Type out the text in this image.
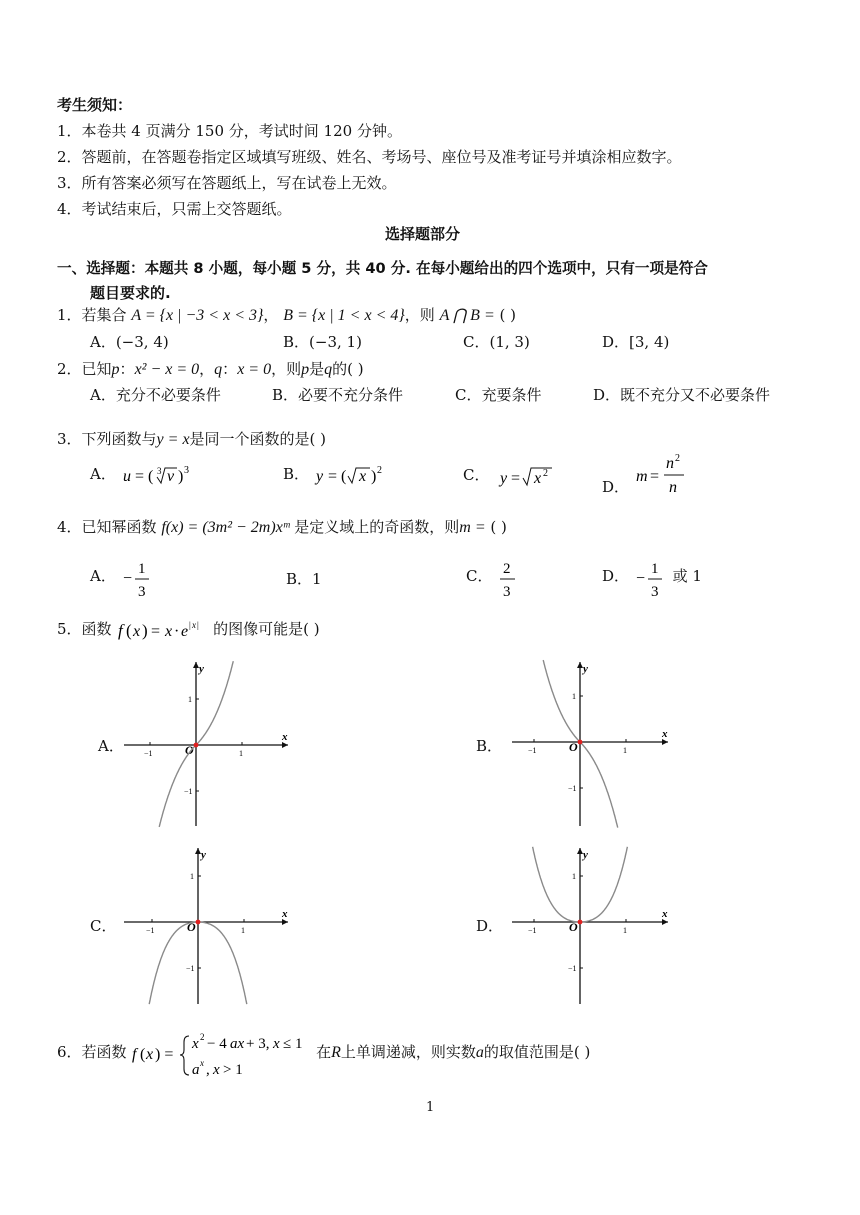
考生须知：
1．本卷共 4 页满分 150 分，考试时间 120 分钟。
2．答题前，在答题卷指定区域填写班级、姓名、考场号、座位号及准考证号并填涂相应数字。
3．所有答案必须写在答题纸上，写在试卷上无效。
4．考试结束后，只需上交答题纸。
选择题部分
一、选择题：本题共 8 小题，每小题 5 分，共 40 分. 在每小题给出的四个选项中，只有一项是符合
题目要求的.
1．若集合 A = {x | −3 < x < 3}， B = {x | 1 < x < 4}，则 A ⋂ B = ( )
A．(−3, 4)	B．(−3, 1)	C．(1, 3)	D．[3, 4)
2．已知p：x² − x = 0，q：x = 0，则p是q的( )
A．充分不必要条件	B．必要不充分条件	C．充要条件	D．既不充分又不必要条件
3．下列函数与y = x是同一个函数的是( )
A． u = ( 3 v ) 3	B． y = ( x ) 2	C． y = x 2
D．
m =
n 2
n
4．已知幂函数 f(x) = (3m² − 2m)xᵐ 是定义域上的奇函数，则m = ( )
A． −
1
3
B．1	C． 2
3
D． −
1
3
或 1
5．函数 f ( x ) = x · e | x | 的图像可能是( )
A．	B．
C．	D．
x
y
O	1
−1
1
−1
x
y
O	1
−1
1
−1
x
y
O	1
−1
1
−1
x
y
O	1
−1
1
−1
6．若函数 f ( x ) =
x 2 − 4 ax + 3, x ≤ 1
a x , x > 1
在R上单调递减，则实数a的取值范围是( )
1
